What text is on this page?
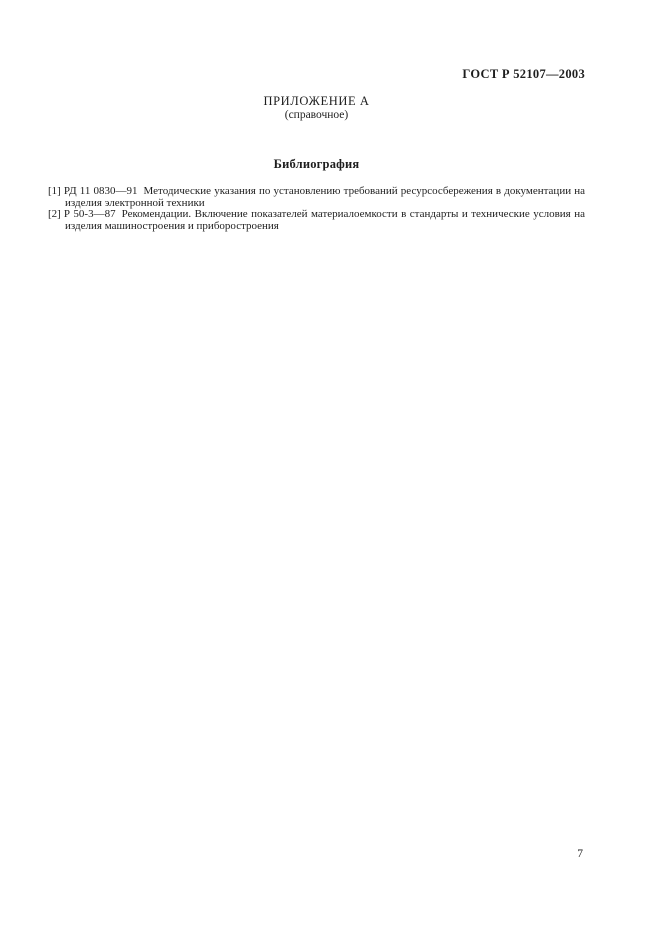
ГОСТ Р 52107—2003
ПРИЛОЖЕНИЕ А
(справочное)
Библиография

[1] РД 11 0830—91 Методические указания по установлению требований ресурсосбережения в документации на изделия электронной техники

[2] Р 50-3—87 Рекомендации. Включение показателей материалоемкости в стандарты и технические условия на изделия машиностроения и приборостроения

7
